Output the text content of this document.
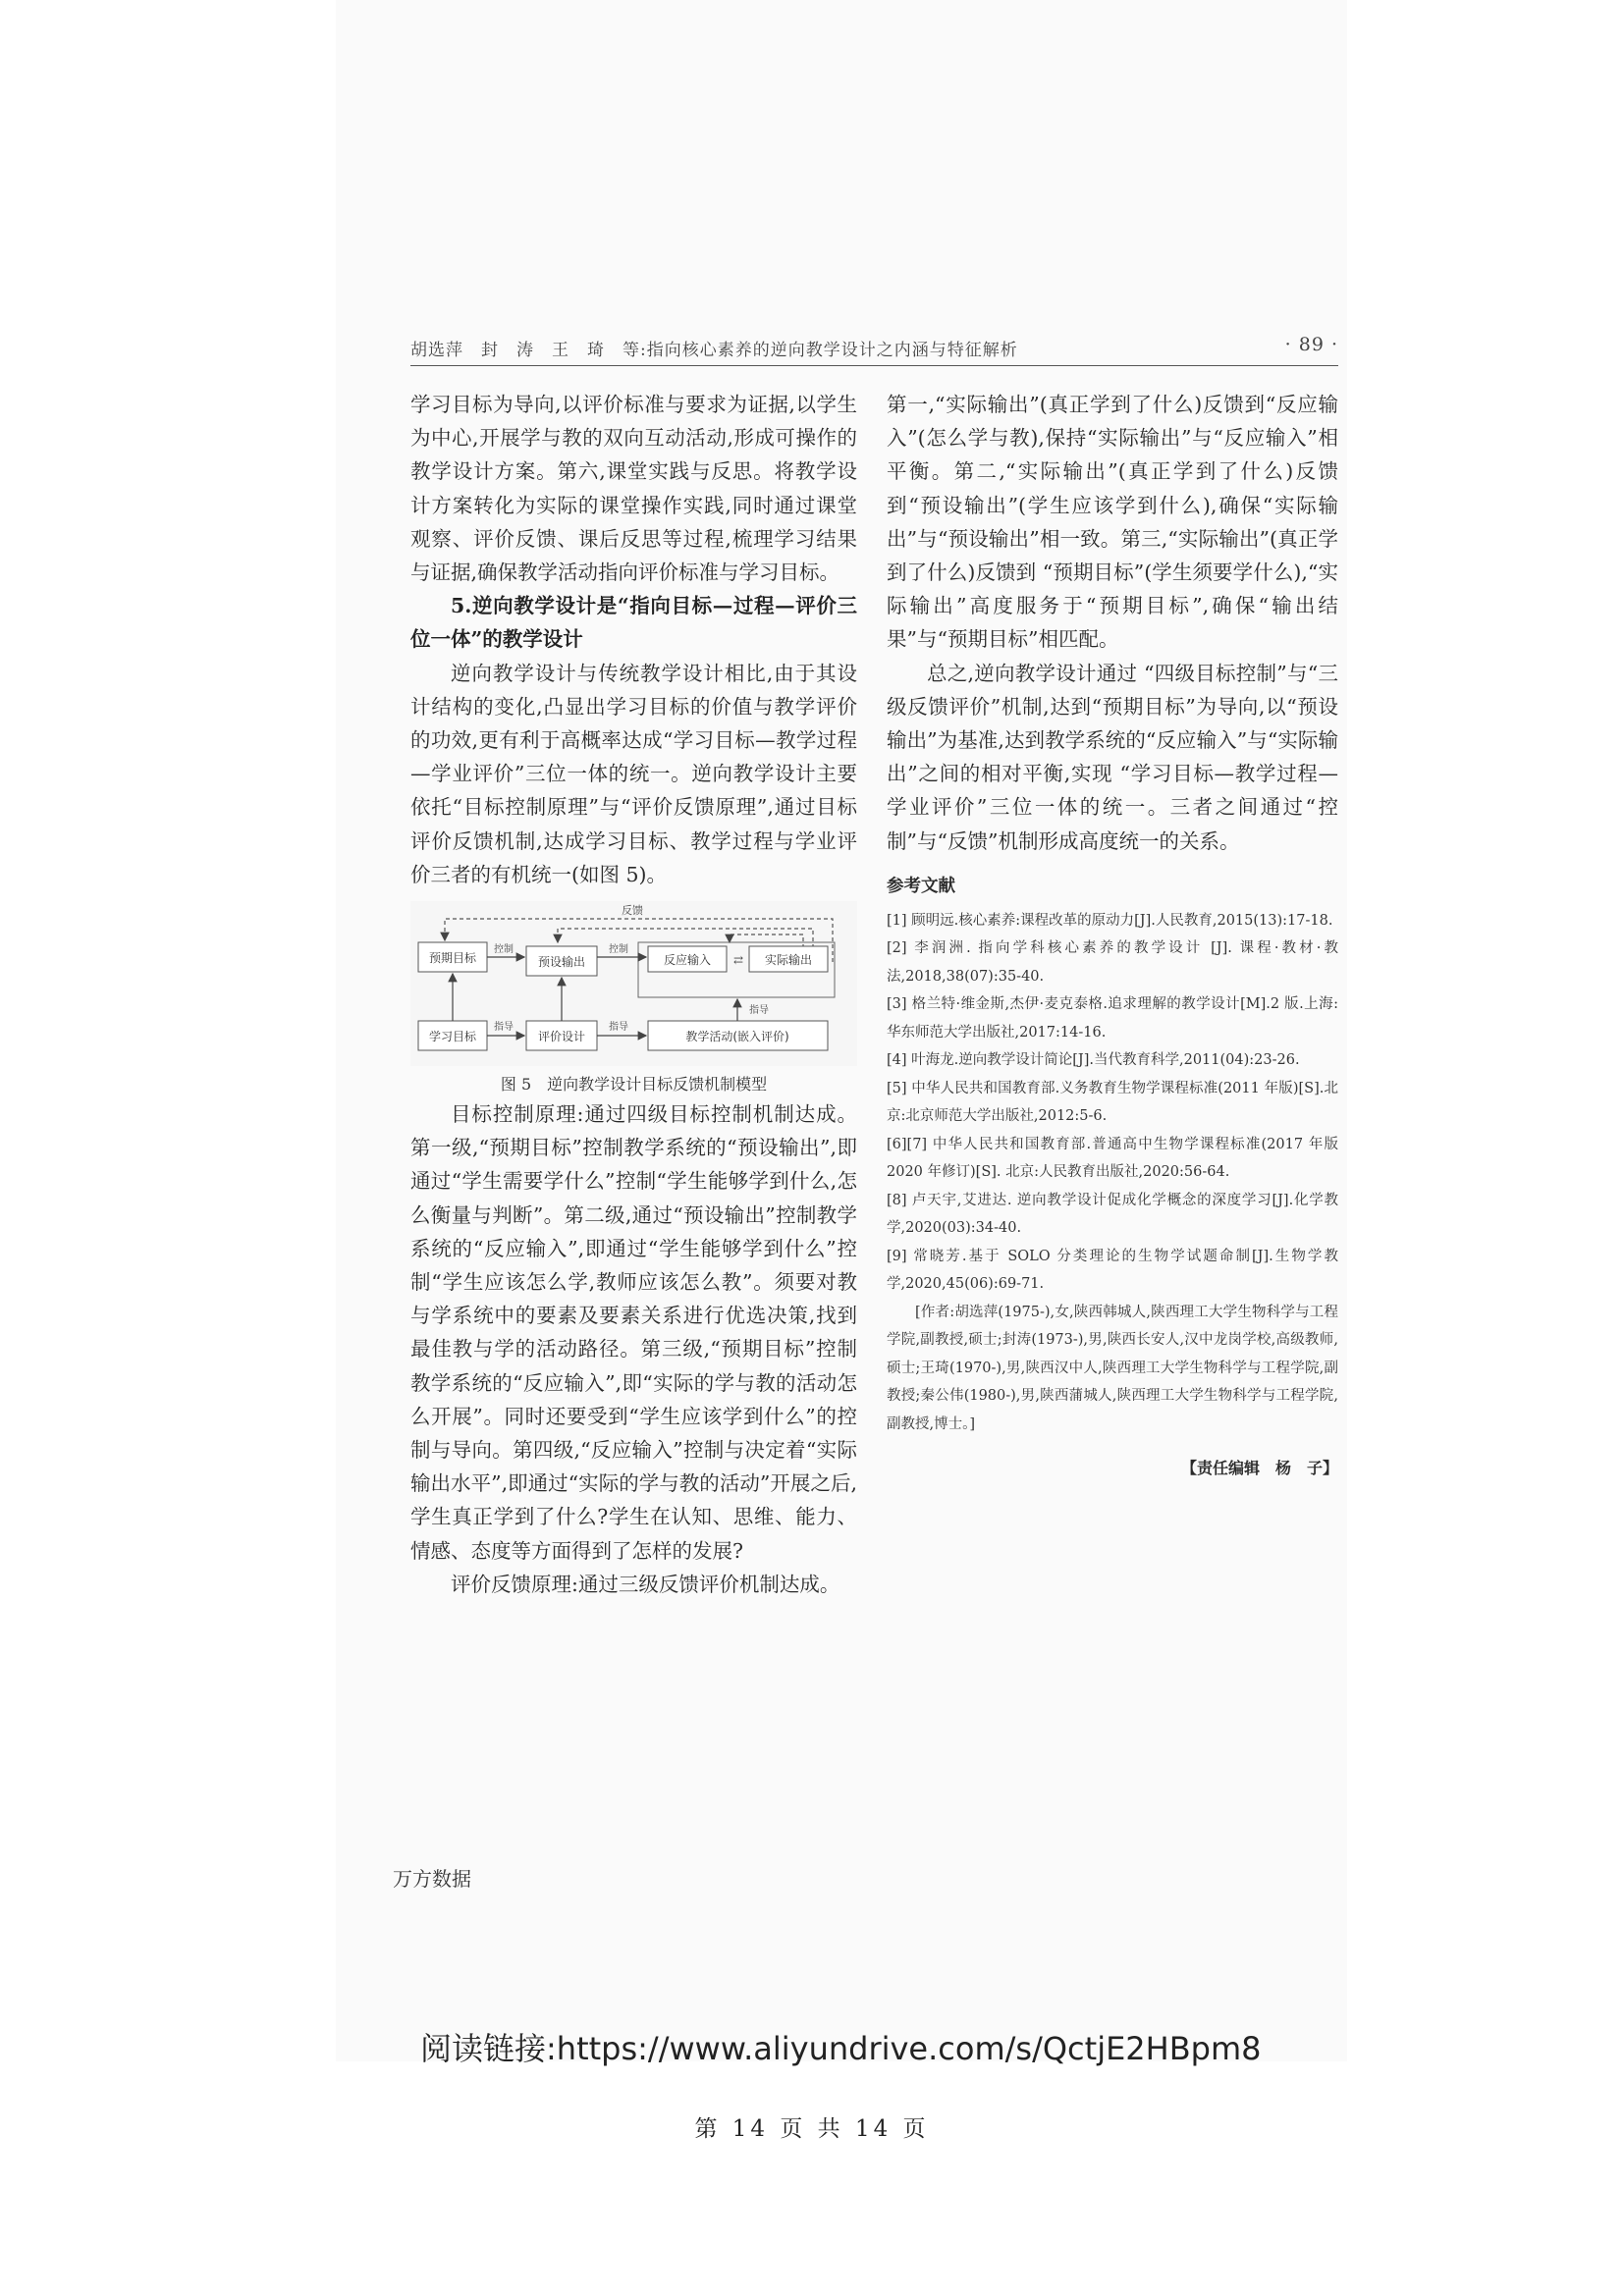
胡选萍　封　涛　王　琦　等:指向核心素养的逆向教学设计之内涵与特征解析	· 89 ·

学习目标为导向,以评价标准与要求为证据,以学生为中心,开展学与教的双向互动活动,形成可操作的教学设计方案。第六,课堂实践与反思。将教学设计方案转化为实际的课堂操作实践,同时通过课堂观察、评价反馈、课后反思等过程,梳理学习结果与证据,确保教学活动指向评价标准与学习目标。

5.逆向教学设计是“指向目标—过程—评价三位一体”的教学设计

逆向教学设计与传统教学设计相比,由于其设计结构的变化,凸显出学习目标的价值与教学评价的功效,更有利于高概率达成“学习目标—教学过程—学业评价”三位一体的统一。逆向教学设计主要依托“目标控制原理”与“评价反馈原理”,通过目标评价反馈机制,达成学习目标、教学过程与学业评价三者的有机统一(如图 5)。

反馈
预期目标	预设输出	反应输入	实际输出
⇄
控制	控制
学习目标	评价设计	教学活动(嵌入评价)
指导	指导
指导

图 5　逆向教学设计目标反馈机制模型

目标控制原理:通过四级目标控制机制达成。第一级,“预期目标”控制教学系统的“预设输出”,即通过“学生需要学什么”控制“学生能够学到什么,怎么衡量与判断”。第二级,通过“预设输出”控制教学系统的“反应输入”,即通过“学生能够学到什么”控制“学生应该怎么学,教师应该怎么教”。须要对教与学系统中的要素及要素关系进行优选决策,找到最佳教与学的活动路径。第三级,“预期目标”控制教学系统的“反应输入”,即“实际的学与教的活动怎么开展”。同时还要受到“学生应该学到什么”的控制与导向。第四级,“反应输入”控制与决定着“实际输出水平”,即通过“实际的学与教的活动”开展之后,学生真正学到了什么?学生在认知、思维、能力、情感、态度等方面得到了怎样的发展?

评价反馈原理:通过三级反馈评价机制达成。

第一,“实际输出”(真正学到了什么)反馈到“反应输入”(怎么学与教),保持“实际输出”与“反应输入”相平衡。第二,“实际输出”(真正学到了什么)反馈到“预设输出”(学生应该学到什么),确保“实际输出”与“预设输出”相一致。第三,“实际输出”(真正学到了什么)反馈到 “预期目标”(学生须要学什么),“实际输出”高度服务于“预期目标”,确保“输出结果”与“预期目标”相匹配。

总之,逆向教学设计通过 “四级目标控制”与“三级反馈评价”机制,达到“预期目标”为导向,以“预设输出”为基准,达到教学系统的“反应输入”与“实际输出”之间的相对平衡,实现 “学习目标—教学过程—学业评价”三位一体的统一。三者之间通过“控制”与“反馈”机制形成高度统一的关系。

参考文献

[1] 顾明远.核心素养:课程改革的原动力[J].人民教育,2015(13):17-18.

[2] 李润洲. 指向学科核心素养的教学设计 [J]. 课程·教材·教法,2018,38(07):35-40.

[3] 格兰特·维金斯,杰伊·麦克泰格.追求理解的教学设计[M].2 版.上海:华东师范大学出版社,2017:14-16.

[4] 叶海龙.逆向教学设计简论[J].当代教育科学,2011(04):23-26.

[5] 中华人民共和国教育部.义务教育生物学课程标准(2011 年版)[S].北京:北京师范大学出版社,2012:5-6.

[6][7] 中华人民共和国教育部.普通高中生物学课程标准(2017 年版 2020 年修订)[S]. 北京:人民教育出版社,2020:56-64.

[8] 卢天宇,艾进达. 逆向教学设计促成化学概念的深度学习[J].化学教学,2020(03):34-40.

[9] 常晓芳.基于 SOLO 分类理论的生物学试题命制[J].生物学教学,2020,45(06):69-71.

[作者:胡选萍(1975-),女,陕西韩城人,陕西理工大学生物科学与工程学院,副教授,硕士;封涛(1973-),男,陕西长安人,汉中龙岗学校,高级教师,硕士;王琦(1970-),男,陕西汉中人,陕西理工大学生物科学与工程学院,副教授;秦公伟(1980-),男,陕西蒲城人,陕西理工大学生物科学与工程学院,副教授,博士。]

【责任编辑　杨　子】
万方数据
阅读链接:https://www.aliyundrive.com/s/QctjE2HBpm8
第 14 页 共 14 页
